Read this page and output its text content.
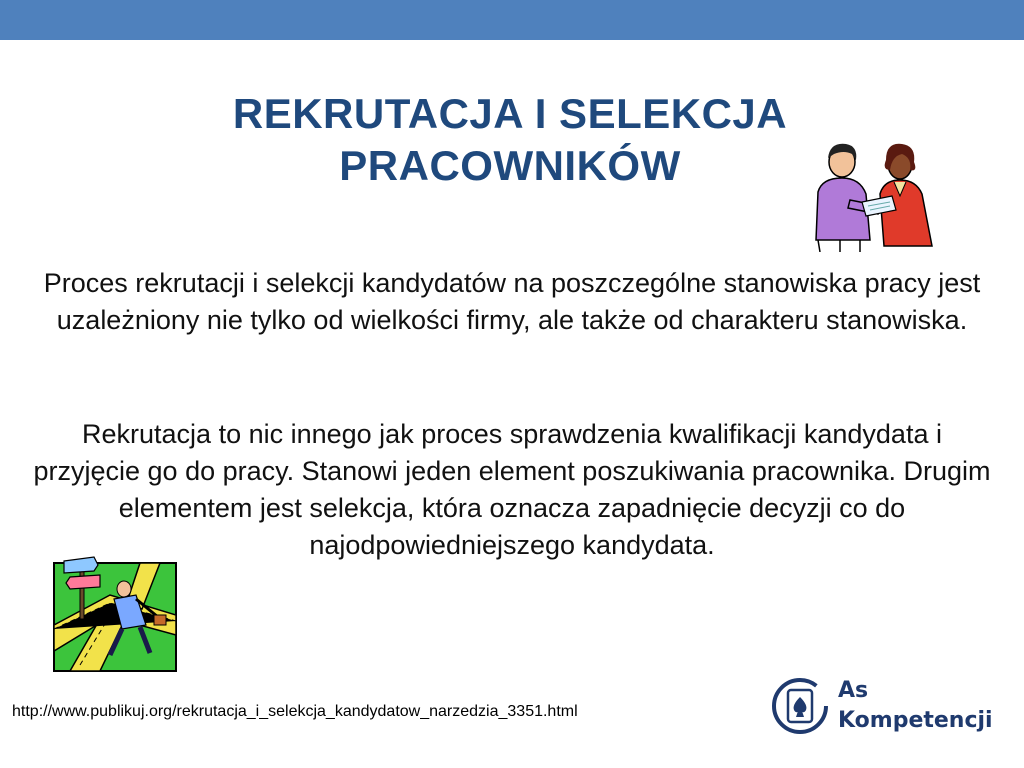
REKRUTACJA I SELEKCJA
PRACOWNIKÓW
Proces rekrutacji i selekcji kandydatów na poszczególne stanowiska pracy jest uzależniony nie tylko od wielkości firmy, ale także od charakteru stanowiska.
Rekrutacja to nic innego jak proces sprawdzenia kwalifikacji kandydata i przyjęcie go do pracy. Stanowi jeden element poszukiwania pracownika. Drugim elementem jest selekcja, która oznacza zapadnięcie decyzji co do najodpowiedniejszego kandydata.
http://www.publikuj.org/rekrutacja_i_selekcja_kandydatow_narzedzia_3351.html
As
Kompetencji
